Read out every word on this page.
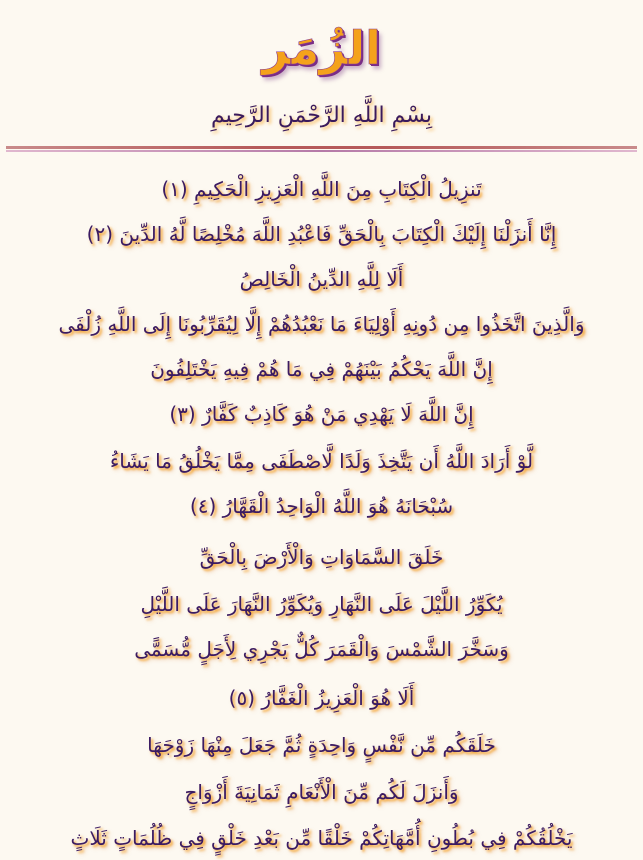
الزُمَر
بِسْمِ اللَّهِ الرَّحْمَنِ الرَّحِيمِ
تَنزِيلُ الْكِتَابِ مِنَ اللَّهِ الْعَزِيزِ الْحَكِيمِ (١)
إِنَّا أَنزَلْنَا إِلَيْكَ الْكِتَابَ بِالْحَقِّ فَاعْبُدِ اللَّهَ مُخْلِصًا لَّهُ الدِّينَ (٢)
أَلَا لِلَّهِ الدِّينُ الْخَالِصُ
وَالَّذِينَ اتَّخَذُوا مِن دُونِهِ أَوْلِيَاءَ مَا نَعْبُدُهُمْ إِلَّا لِيُقَرِّبُونَا إِلَى اللَّهِ زُلْفَى
إِنَّ اللَّهَ يَحْكُمُ بَيْنَهُمْ فِي مَا هُمْ فِيهِ يَخْتَلِفُونَ
إِنَّ اللَّهَ لَا يَهْدِي مَنْ هُوَ كَاذِبٌ كَفَّارٌ (٣)
لَّوْ أَرَادَ اللَّهُ أَن يَتَّخِذَ وَلَدًا لَّاصْطَفَى مِمَّا يَخْلُقُ مَا يَشَاءُ
سُبْحَانَهُ هُوَ اللَّهُ الْوَاحِدُ الْقَهَّارُ (٤)
خَلَقَ السَّمَاوَاتِ وَالْأَرْضَ بِالْحَقِّ
يُكَوِّرُ اللَّيْلَ عَلَى النَّهَارِ وَيُكَوِّرُ النَّهَارَ عَلَى اللَّيْلِ
وَسَخَّرَ الشَّمْسَ وَالْقَمَرَ كُلٌّ يَجْرِي لِأَجَلٍ مُّسَمًّى
أَلَا هُوَ الْعَزِيزُ الْغَفَّارُ (٥)
خَلَقَكُم مِّن نَّفْسٍ وَاحِدَةٍ ثُمَّ جَعَلَ مِنْهَا زَوْجَهَا
وَأَنزَلَ لَكُم مِّنَ الْأَنْعَامِ ثَمَانِيَةَ أَزْوَاجٍ
يَخْلُقُكُمْ فِي بُطُونِ أُمَّهَاتِكُمْ خَلْقًا مِّن بَعْدِ خَلْقٍ فِي ظُلُمَاتٍ ثَلَاثٍ
